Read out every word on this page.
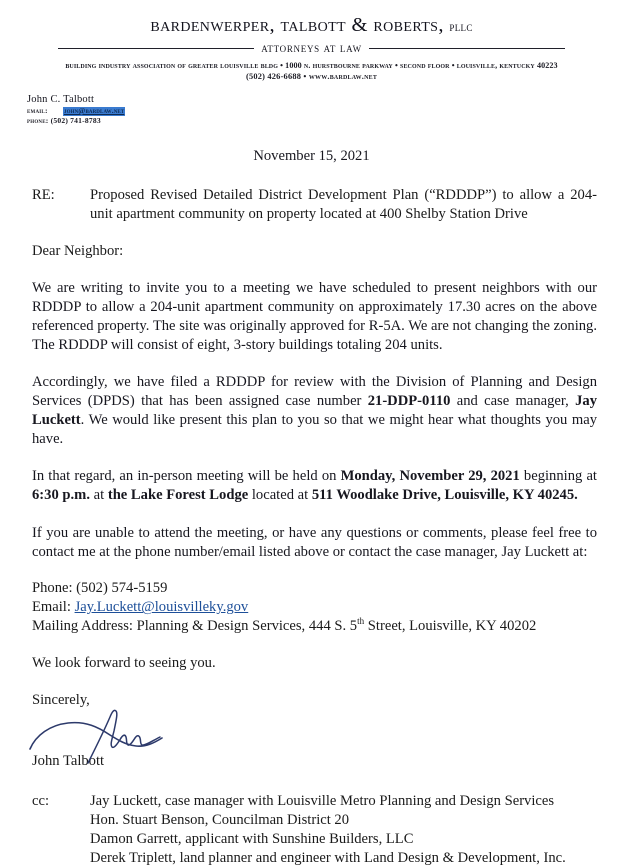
bardenwerper, talbott & roberts, pllc
attorneys at law
building industry association of greater louisville bldg • 1000 n. hurstbourne parkway • second floor • louisville, kentucky 40223
(502) 426-6688 • www.bardlaw.net
John C. Talbott
email:	john@bardlaw.net
phone: (502) 741-8783
November 15, 2021
RE:	Proposed Revised Detailed District Development Plan (“RDDDP”) to allow a 204-unit apartment community on property located at 400 Shelby Station Drive
Dear Neighbor:

We are writing to invite you to a meeting we have scheduled to present neighbors with our RDDDP to allow a 204-unit apartment community on approximately 17.30 acres on the above referenced property. The site was originally approved for R-5A. We are not changing the zoning. The RDDDP will consist of eight, 3-story buildings totaling 204 units.

Accordingly, we have filed a RDDDP for review with the Division of Planning and Design Services (DPDS) that has been assigned case number 21-DDP-0110 and case manager, Jay Luckett. We would like present this plan to you so that we might hear what thoughts you may have.

In that regard, an in-person meeting will be held on Monday, November 29, 2021 beginning at 6:30 p.m. at the Lake Forest Lodge located at 511 Woodlake Drive, Louisville, KY 40245.

If you are unable to attend the meeting, or have any questions or comments, please feel free to contact me at the phone number/email listed above or contact the case manager, Jay Luckett at:

Phone: (502) 574-5159
Email: Jay.Luckett@louisvilleky.gov
Mailing Address: Planning & Design Services, 444 S. 5th Street, Louisville, KY 40202
We look forward to seeing you.
Sincerely,
John Talbott
cc:	Jay Luckett, case manager with Louisville Metro Planning and Design Services
Hon. Stuart Benson, Councilman District 20
Damon Garrett, applicant with Sunshine Builders, LLC
Derek Triplett, land planner and engineer with Land Design & Development, Inc.
